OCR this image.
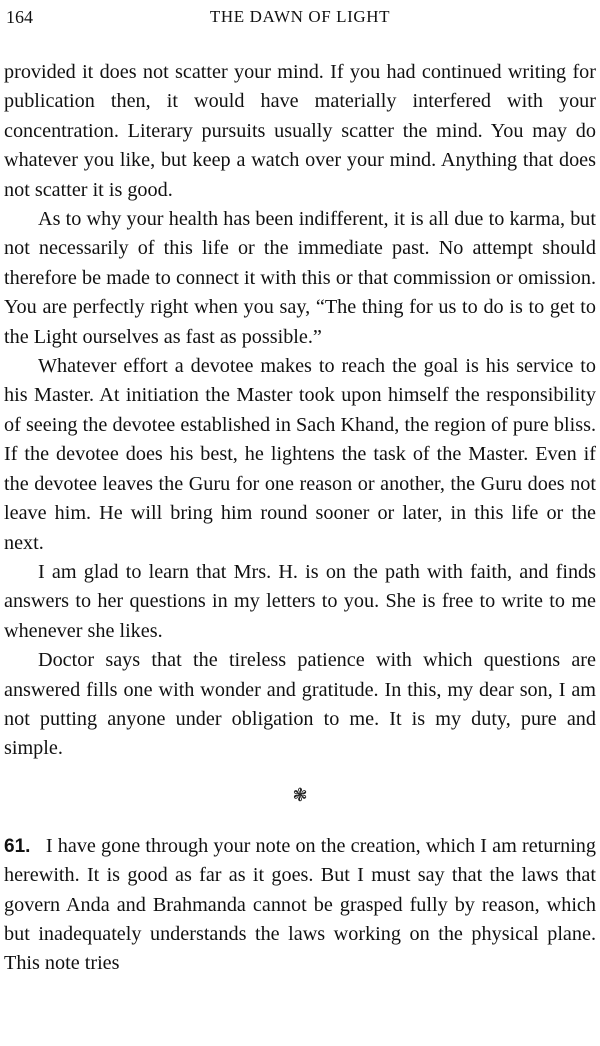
164	THE DAWN OF LIGHT

provided it does not scatter your mind. If you had continued writing for publication then, it would have materially interfered with your concentration. Literary pursuits usually scatter the mind. You may do whatever you like, but keep a watch over your mind. Anything that does not scatter it is good.

As to why your health has been indifferent, it is all due to karma, but not necessarily of this life or the immediate past. No attempt should therefore be made to connect it with this or that commission or omission. You are perfectly right when you say, “The thing for us to do is to get to the Light ourselves as fast as possible.”

Whatever effort a devotee makes to reach the goal is his service to his Master. At initiation the Master took upon himself the responsibility of seeing the devotee established in Sach Khand, the region of pure bliss. If the devotee does his best, he lightens the task of the Master. Even if the devotee leaves the Guru for one reason or another, the Guru does not leave him. He will bring him round sooner or later, in this life or the next.

I am glad to learn that Mrs. H. is on the path with faith, and finds answers to her questions in my letters to you. She is free to write to me whenever she likes.

Doctor says that the tireless patience with which questions are answered fills one with wonder and gratitude. In this, my dear son, I am not putting anyone under obligation to me. It is my duty, pure and simple.

❃

61. I have gone through your note on the creation, which I am returning herewith. It is good as far as it goes. But I must say that the laws that govern Anda and Brahmanda cannot be grasped fully by reason, which but inadequately understands the laws working on the physical plane. This note tries
